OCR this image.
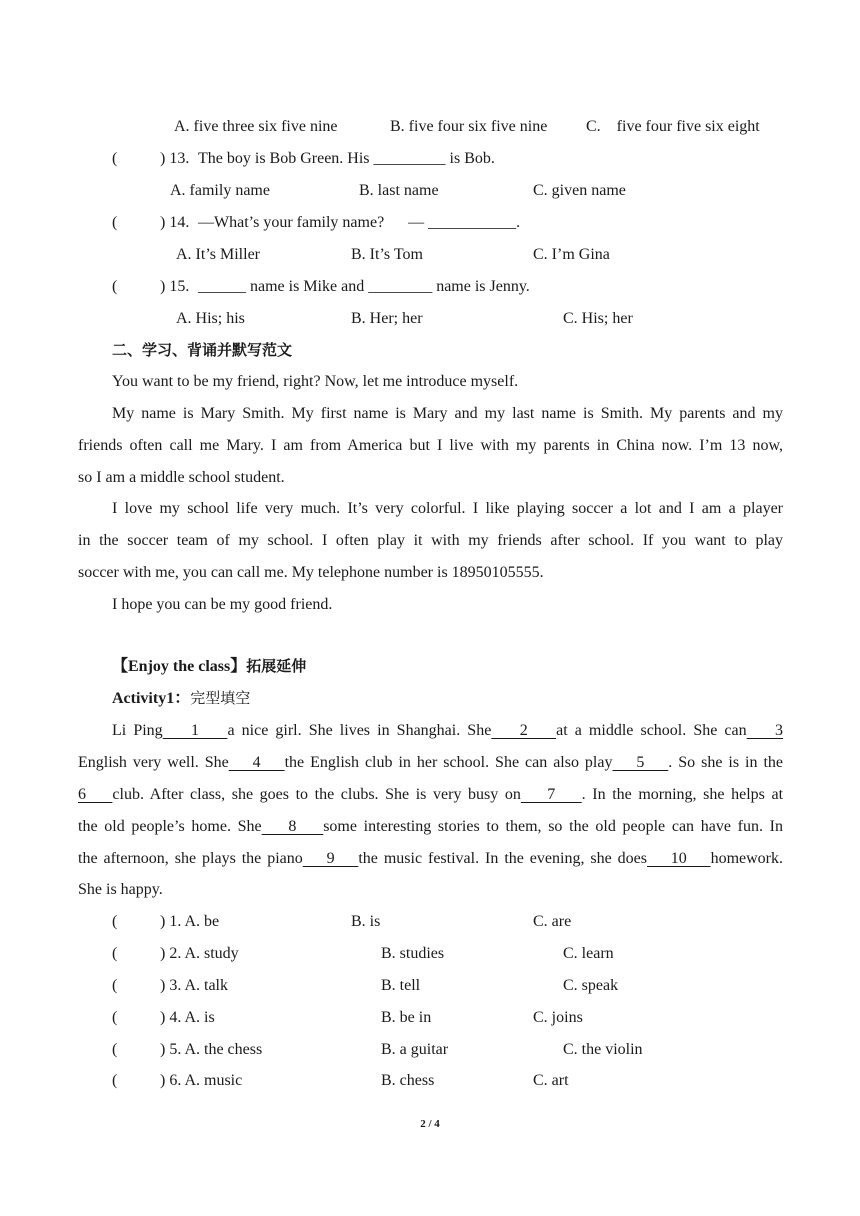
A. five three six five nine	B. five four six five nine C.    five four five six eight
(	) 13. The boy is Bob Green. His _________ is Bob.
A. family name	B. last name	C. given name
(	) 14. —What’s your family name?      — ___________.
A. It’s Miller	B. It’s Tom	C. I’m Gina
(	) 15. ______ name is Mike and ________ name is Jenny.
A. His; his	B. Her; her	C. His; her
二、学习、背诵并默写范文
You want to be my friend, right? Now, let me introduce myself.
My name is Mary Smith. My first name is Mary and my last name is Smith. My parents and my
friends often call me Mary. I am from America but I live with my parents in China now. I’m 13 now,
so I am a middle school student.
I love my school life very much. It’s very colorful. I like playing soccer a lot and I am a player
in the soccer team of my school. I often play it with my friends after school. If you want to play
soccer with me, you can call me. My telephone number is 18950105555.
I hope you can be my good friend.
【Enjoy the class】拓展延伸
Activity1：完型填空
Li Ping    1    a nice girl. She lives in Shanghai. She    2    at a middle school. She can    3
English very well. She    4    the English club in her school. She can also play    5    . So she is in the
6    club. After class, she goes to the clubs. She is very busy on    7    . In the morning, she helps at
the old people’s home. She    8    some interesting stories to them, so the old people can have fun. In
the afternoon, she plays the piano    9    the music festival. In the evening, she does    10    homework.
She is happy.
(	) 1. A. be	B. is	C. are
(	) 2. A. study	B. studies	C. learn
(	) 3. A. talk	B. tell	C. speak
(	) 4. A. is	B. be in	C. joins
(	) 5. A. the chess	B. a guitar	C. the violin
(	) 6. A. music	B. chess	C. art
2 / 4
